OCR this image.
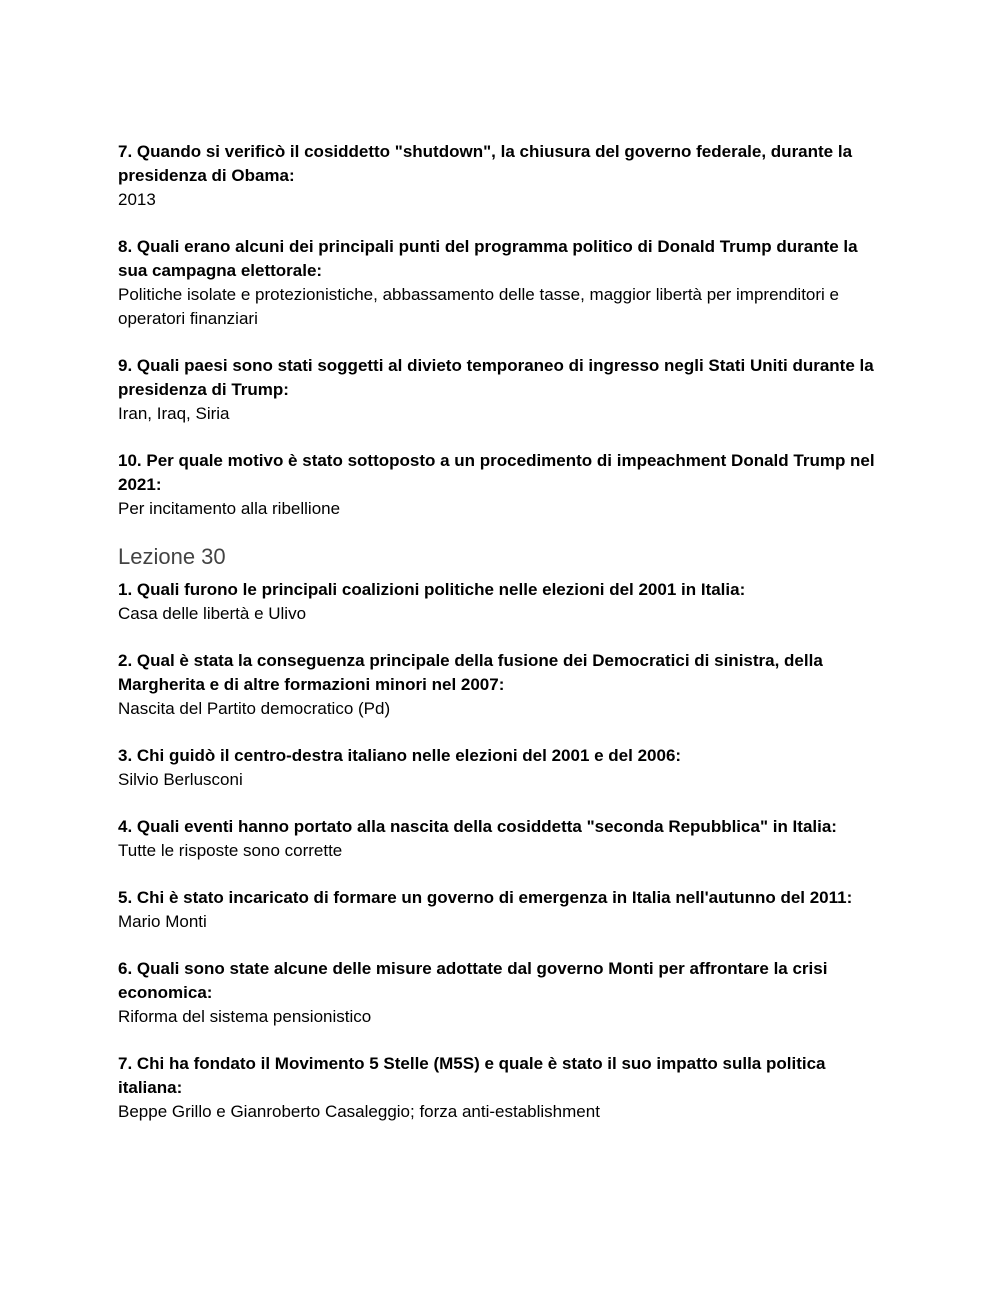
7. Quando si verificò il cosiddetto "shutdown", la chiusura del governo federale, durante la presidenza di Obama:

2013

8. Quali erano alcuni dei principali punti del programma politico di Donald Trump durante la sua campagna elettorale:

Politiche isolate e protezionistiche, abbassamento delle tasse, maggior libertà per imprenditori e operatori finanziari

9. Quali paesi sono stati soggetti al divieto temporaneo di ingresso negli Stati Uniti durante la presidenza di Trump:

Iran, Iraq, Siria

10. Per quale motivo è stato sottoposto a un procedimento di impeachment Donald Trump nel 2021:

Per incitamento alla ribellione

Lezione 30

1. Quali furono le principali coalizioni politiche nelle elezioni del 2001 in Italia:

Casa delle libertà e Ulivo

2. Qual è stata la conseguenza principale della fusione dei Democratici di sinistra, della Margherita e di altre formazioni minori nel 2007:

Nascita del Partito democratico (Pd)

3. Chi guidò il centro-destra italiano nelle elezioni del 2001 e del 2006:

Silvio Berlusconi

4. Quali eventi hanno portato alla nascita della cosiddetta "seconda Repubblica" in Italia:

Tutte le risposte sono corrette

5. Chi è stato incaricato di formare un governo di emergenza in Italia nell'autunno del 2011:

Mario Monti

6. Quali sono state alcune delle misure adottate dal governo Monti per affrontare la crisi economica:

Riforma del sistema pensionistico

7. Chi ha fondato il Movimento 5 Stelle (M5S) e quale è stato il suo impatto sulla politica italiana:

Beppe Grillo e Gianroberto Casaleggio; forza anti-establishment
